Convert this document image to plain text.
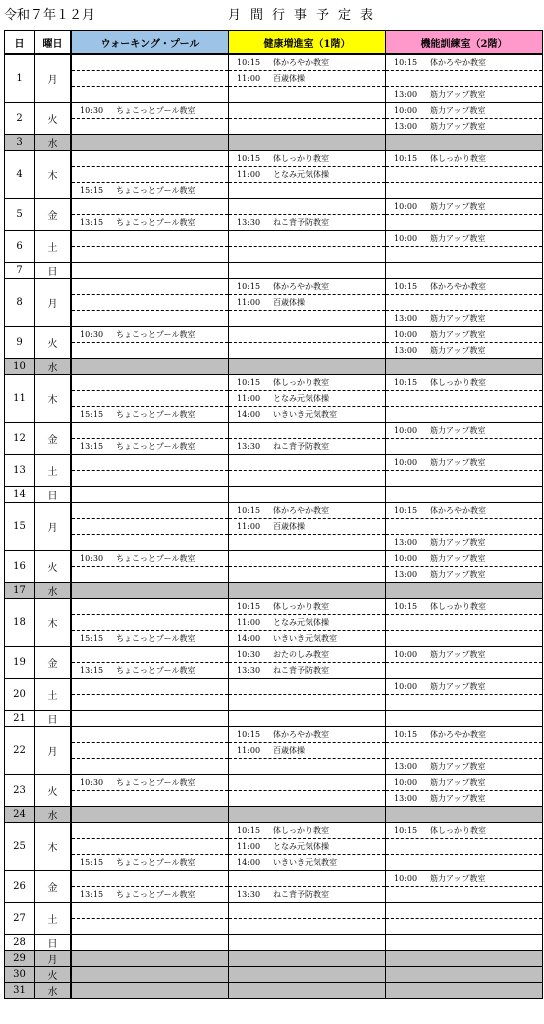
令和７年１２月	月間行事予定表
日	曜日	ウォーキング・プール	健康増進室（1階）	機能訓練室（2階）
1	月		10:15 体かろやか教室	10:15 体かろやか教室
			11:00 百歳体操	
				13:00 筋力アップ教室
2	火	10:30 ちょこっとプール教室		10:00 筋力アップ教室
				13:00 筋力アップ教室
3	水			
4	木		10:15 体しっかり教室	10:15 体しっかり教室
			11:00 となみ元気体操	
		15:15 ちょこっとプール教室		
5	金			10:00 筋力アップ教室
		13:15 ちょこっとプール教室	13:30 ねこ背予防教室	
6	土			10:00 筋力アップ教室

7	日			
8	月		10:15 体かろやか教室	10:15 体かろやか教室
			11:00 百歳体操	
				13:00 筋力アップ教室
9	火	10:30 ちょこっとプール教室		10:00 筋力アップ教室
				13:00 筋力アップ教室
10	水			
11	木		10:15 体しっかり教室	10:15 体しっかり教室
			11:00 となみ元気体操	
		15:15 ちょこっとプール教室	14:00 いきいき元気教室	
12	金			10:00 筋力アップ教室
		13:15 ちょこっとプール教室	13:30 ねこ背予防教室	
13	土			10:00 筋力アップ教室

14	日			
15	月		10:15 体かろやか教室	10:15 体かろやか教室
			11:00 百歳体操	
				13:00 筋力アップ教室
16	火	10:30 ちょこっとプール教室		10:00 筋力アップ教室
				13:00 筋力アップ教室
17	水			
18	木		10:15 体しっかり教室	10:15 体しっかり教室
			11:00 となみ元気体操	
		15:15 ちょこっとプール教室	14:00 いきいき元気教室	
19	金		10:30 おたのしみ教室	10:00 筋力アップ教室
		13:15 ちょこっとプール教室	13:30 ねこ背予防教室	
20	土			10:00 筋力アップ教室

21	日			
22	月		10:15 体かろやか教室	10:15 体かろやか教室
			11:00 百歳体操	
				13:00 筋力アップ教室
23	火	10:30 ちょこっとプール教室		10:00 筋力アップ教室
				13:00 筋力アップ教室
24	水			
25	木		10:15 体しっかり教室	10:15 体しっかり教室
			11:00 となみ元気体操	
		15:15 ちょこっとプール教室	14:00 いきいき元気教室	
26	金			10:00 筋力アップ教室
		13:15 ちょこっとプール教室	13:30 ねこ背予防教室	
27	土			

28	日			
29	月			
30	火			
31	水			
